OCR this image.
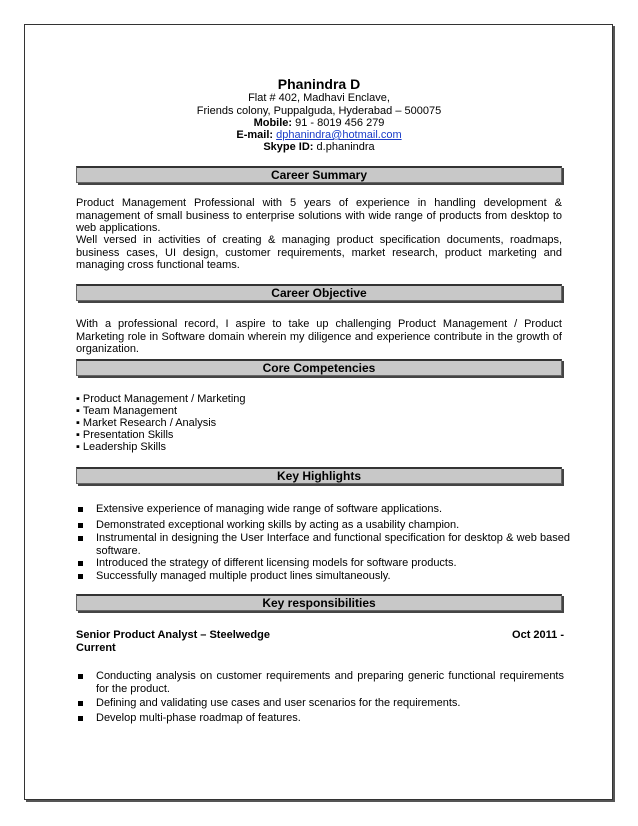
Phanindra D
Flat # 402, Madhavi Enclave,
Friends colony, Puppalguda, Hyderabad – 500075
Mobile: 91 - 8019 456 279
E-mail: dphanindra@hotmail.com
Skype ID: d.phanindra
Career Summary
Product Management Professional with 5 years of experience in handling development & management of small business to enterprise solutions with wide range of products from desktop to web applications.
Well versed in activities of creating & managing product specification documents, roadmaps, business cases, UI design, customer requirements, market research, product marketing and managing cross functional teams.
Career Objective
With a professional record, I aspire to take up challenging Product Management / Product Marketing role in Software domain wherein my diligence and experience contribute in the growth of organization.
Core Competencies
▪ Product Management / Marketing
▪ Team Management
▪ Market Research / Analysis
▪ Presentation Skills
▪ Leadership Skills
Key Highlights
Extensive experience of managing wide range of software applications.
Demonstrated exceptional working skills by acting as a usability champion.
Instrumental in designing the User Interface and functional specification for desktop & web based software.
Introduced the strategy of different licensing models for software products.
Successfully managed multiple product lines simultaneously.
Key responsibilities
Senior Product Analyst – Steelwedge
Current
Oct 2011 -
Conducting analysis on customer requirements and preparing generic functional requirements for the product.
Defining and validating use cases and user scenarios for the requirements.
Develop multi-phase roadmap of features.
